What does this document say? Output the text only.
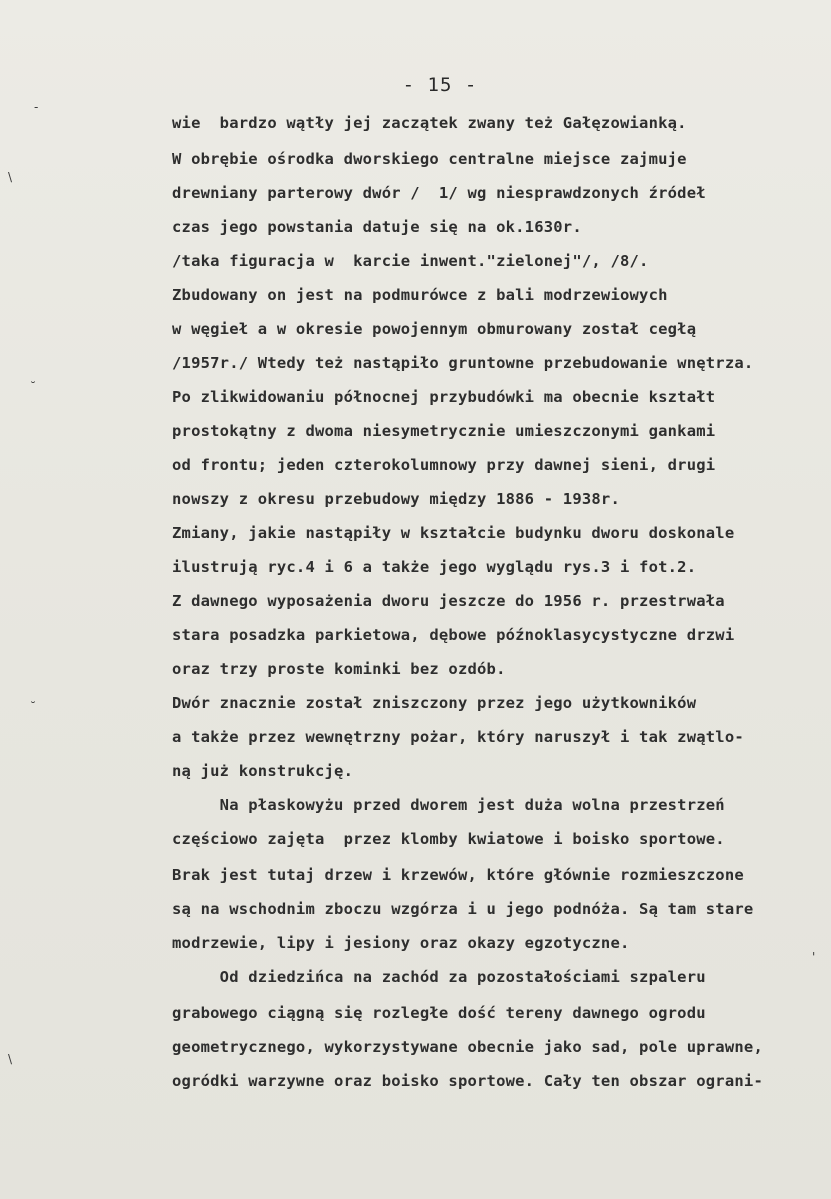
- 15 -
wie  bardzo wątły jej zaczątek zwany też Gałęzowianką.
W obrębie ośrodka dworskiego centralne miejsce zajmuje
drewniany parterowy dwór /  1/ wg niesprawdzonych źródeł
czas jego powstania datuje się na ok.1630r.
/taka figuracja w  karcie inwent."zielonej"/, /8/.
Zbudowany on jest na podmurówce z bali modrzewiowych
w węgieł a w okresie powojennym obmurowany został cegłą
/1957r./ Wtedy też nastąpiło gruntowne przebudowanie wnętrza.
Po zlikwidowaniu północnej przybudówki ma obecnie kształt
prostokątny z dwoma niesymetrycznie umieszczonymi gankami
od frontu; jeden czterokolumnowy przy dawnej sieni, drugi
nowszy z okresu przebudowy między 1886 - 1938r.
Zmiany, jakie nastąpiły w kształcie budynku dworu doskonale
ilustrują ryc.4 i 6 a także jego wyglądu rys.3 i fot.2.
Z dawnego wyposażenia dworu jeszcze do 1956 r. przestrwała
stara posadzka parkietowa, dębowe późnoklasycystyczne drzwi
oraz trzy proste kominki bez ozdób.
Dwór znacznie został zniszczony przez jego użytkowników
a także przez wewnętrzny pożar, który naruszył i tak zwątlo-
ną już konstrukcję.
Na płaskowyżu przed dworem jest duża wolna przestrzeń
częściowo zajęta  przez klomby kwiatowe i boisko sportowe.
Brak jest tutaj drzew i krzewów, które głównie rozmieszczone
są na wschodnim zboczu wzgórza i u jego podnóża. Są tam stare
modrzewie, lipy i jesiony oraz okazy egzotyczne.
Od dziedzińca na zachód za pozostałościami szpaleru
grabowego ciągną się rozległe dość tereny dawnego ogrodu
geometrycznego, wykorzystywane obecnie jako sad, pole uprawne,
ogródki warzywne oraz boisko sportowe. Cały ten obszar ograni-
-
\
˘
˘
'
\
